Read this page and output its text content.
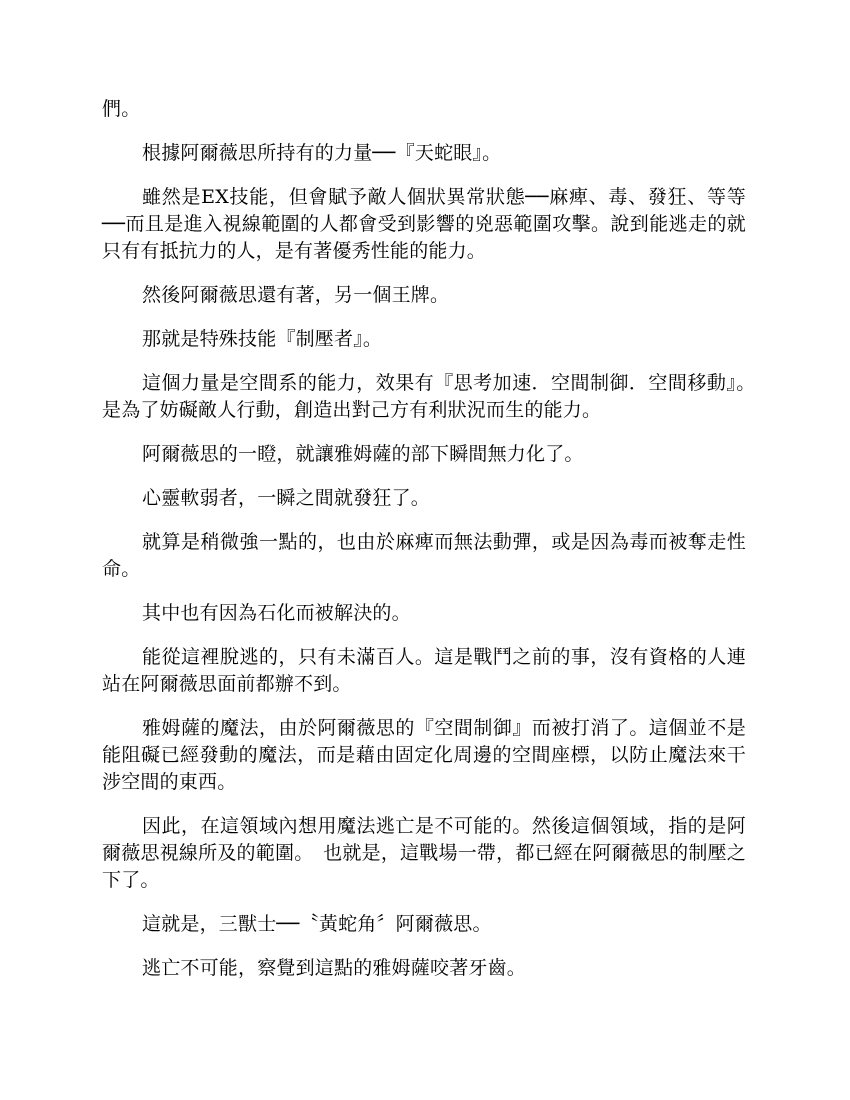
們。

根據阿爾薇思所持有的力量──『天蛇眼』。

雖然是EX技能，但會賦予敵人個狀異常狀態──麻痺、毒、發狂、等等──而且是進入視線範圍的人都會受到影響的兇惡範圍攻擊。說到能逃走的就只有有抵抗力的人，是有著優秀性能的能力。

然後阿爾薇思還有著，另一個王牌。

那就是特殊技能『制壓者』。

這個力量是空間系的能力，效果有『思考加速．空間制御．空間移動』。　是為了妨礙敵人行動，創造出對己方有利狀況而生的能力。

阿爾薇思的一瞪，就讓雅姆薩的部下瞬間無力化了。

心靈軟弱者，一瞬之間就發狂了。

就算是稍微強一點的，也由於麻痺而無法動彈，或是因為毒而被奪走性命。

其中也有因為石化而被解決的。

能從這裡脫逃的，只有未滿百人。這是戰鬥之前的事，沒有資格的人連站在阿爾薇思面前都辦不到。

雅姆薩的魔法，由於阿爾薇思的『空間制御』而被打消了。這個並不是能阻礙已經發動的魔法，而是藉由固定化周邊的空間座標，以防止魔法來干涉空間的東西。

因此，在這領域內想用魔法逃亡是不可能的。然後這個領域，指的是阿爾薇思視線所及的範圍。　也就是，這戰場一帶，都已經在阿爾薇思的制壓之下了。

這就是，三獸士──〝黃蛇角〞阿爾薇思。

逃亡不可能，察覺到這點的雅姆薩咬著牙齒。
